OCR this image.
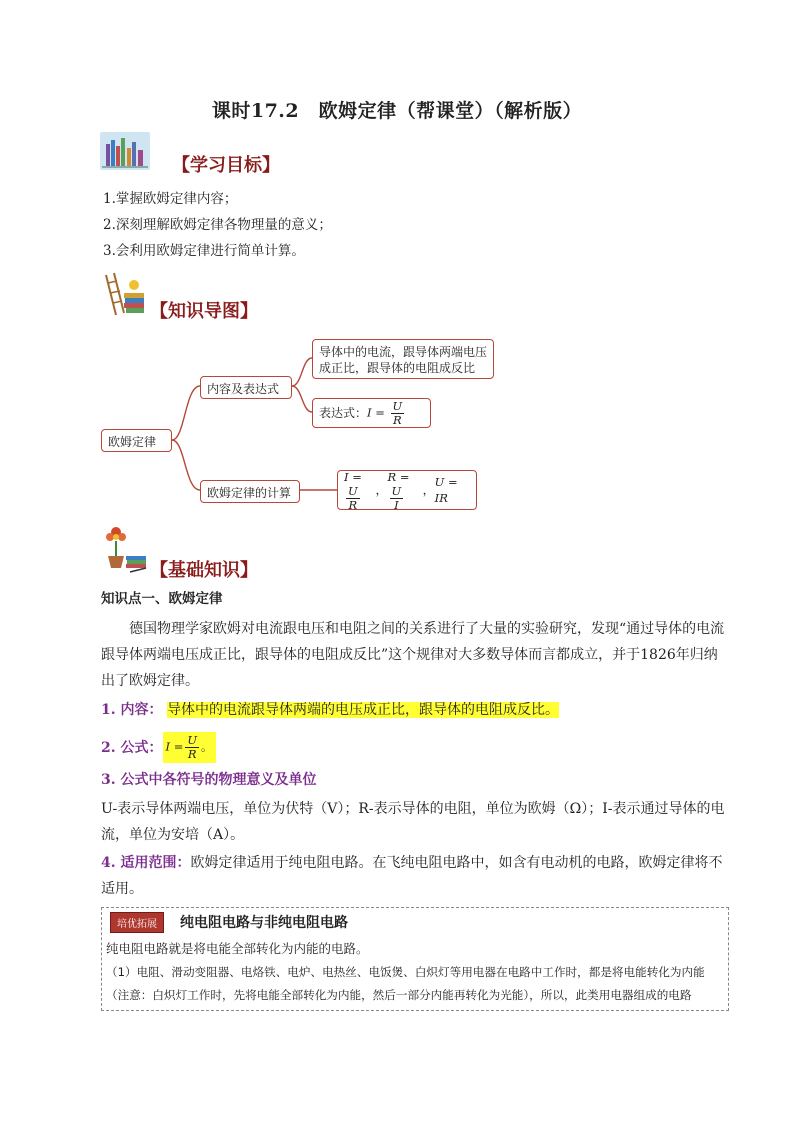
课时17.2　欧姆定律（帮课堂）（解析版）
【学习目标】
1.掌握欧姆定律内容；
2.深刻理解欧姆定律各物理量的意义；
3.会利用欧姆定律进行简单计算。
【知识导图】
欧姆定律
内容及表达式
欧姆定律的计算
导体中的电流，跟导体两端电压成正比，跟导体的电阻成反比
表达式： $I = \frac{U}{R}$
I =
$\frac{U}{R}$ ，
R =
$\frac{U}{I}$ ，
U = IR
【基础知识】
知识点一、欧姆定律
德国物理学家欧姆对电流跟电压和电阻之间的关系进行了大量的实验研究，发现“通过导体的电流跟导体两端电压成正比，跟导体的电阻成反比”这个规律对大多数导体而言都成立，并于1826年归纳出了欧姆定律。
1. 内容： 导体中的电流跟导体两端的电压成正比，跟导体的电阻成反比。
2. 公式： $I = \frac{U}{R}$ 。
3. 公式中各符号的物理意义及单位
U-表示导体两端电压，单位为伏特（V）；R-表示导体的电阻，单位为欧姆（Ω）；I-表示通过导体的电流，单位为安培（A）。
4. 适用范围：欧姆定律适用于纯电阻电路。在飞纯电阻电路中，如含有电动机的电路，欧姆定律将不适用。
培优拓展	纯电阻电路与非纯电阻电路
纯电阻电路就是将电能全部转化为内能的电路。
（1）电阻、滑动变阻器、电烙铁、电炉、电热丝、电饭煲、白炽灯等用电器在电路中工作时，都是将电能转化为内能
（注意：白炽灯工作时，先将电能全部转化为内能，然后一部分内能再转化为光能），所以，此类用电器组成的电路
